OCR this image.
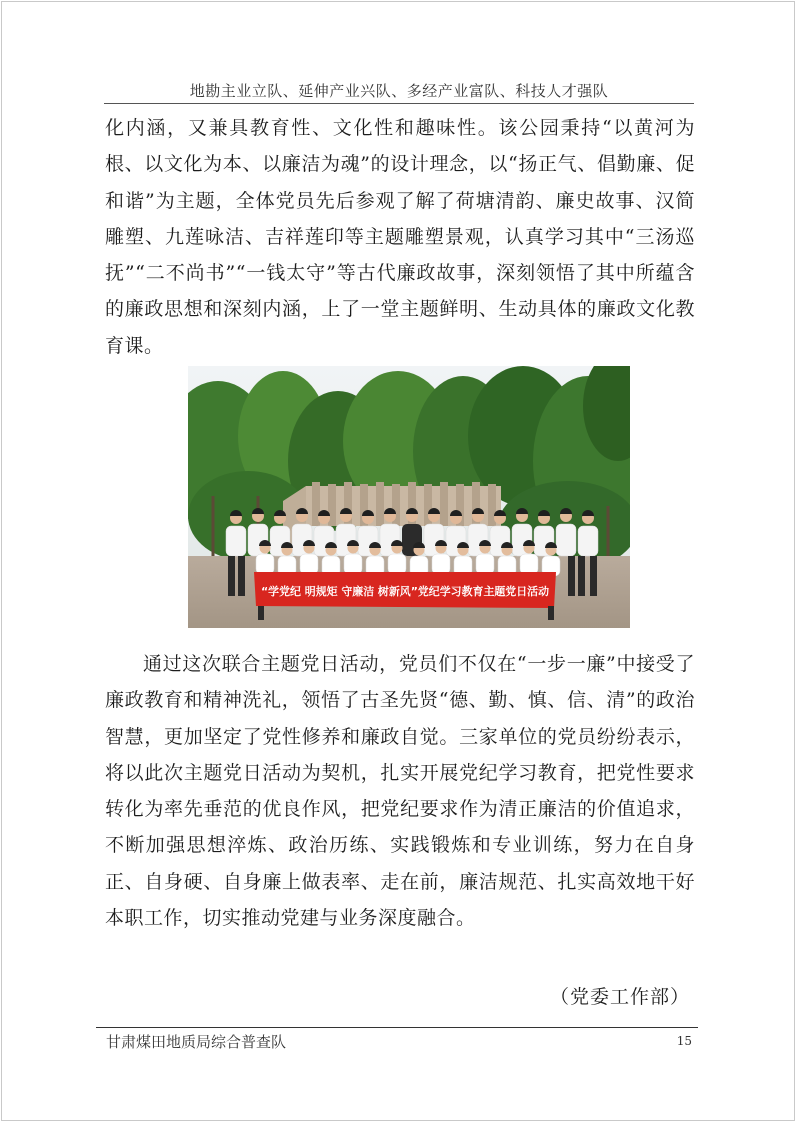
地勘主业立队、延伸产业兴队、多经产业富队、科技人才强队

化内涵，又兼具教育性、文化性和趣味性。该公园秉持“以黄河为根、以文化为本、以廉洁为魂”的设计理念，以“扬正气、倡勤廉、促和谐”为主题，全体党员先后参观了解了荷塘清韵、廉史故事、汉简雕塑、九莲咏洁、吉祥莲印等主题雕塑景观，认真学习其中“三汤巡抚”“二不尚书”“一钱太守”等古代廉政故事，深刻领悟了其中所蕴含的廉政思想和深刻内涵，上了一堂主题鲜明、生动具体的廉政文化教育课。

“学党纪 明规矩 守廉洁 树新风”党纪学习教育主题党日活动

通过这次联合主题党日活动，党员们不仅在“一步一廉”中接受了廉政教育和精神洗礼，领悟了古圣先贤“德、勤、慎、信、清”的政治智慧，更加坚定了党性修养和廉政自觉。三家单位的党员纷纷表示，将以此次主题党日活动为契机，扎实开展党纪学习教育，把党性要求转化为率先垂范的优良作风，把党纪要求作为清正廉洁的价值追求，不断加强思想淬炼、政治历练、实践锻炼和专业训练，努力在自身正、自身硬、自身廉上做表率、走在前，廉洁规范、扎实高效地干好本职工作，切实推动党建与业务深度融合。

（党委工作部）
甘肃煤田地质局综合普查队	15
